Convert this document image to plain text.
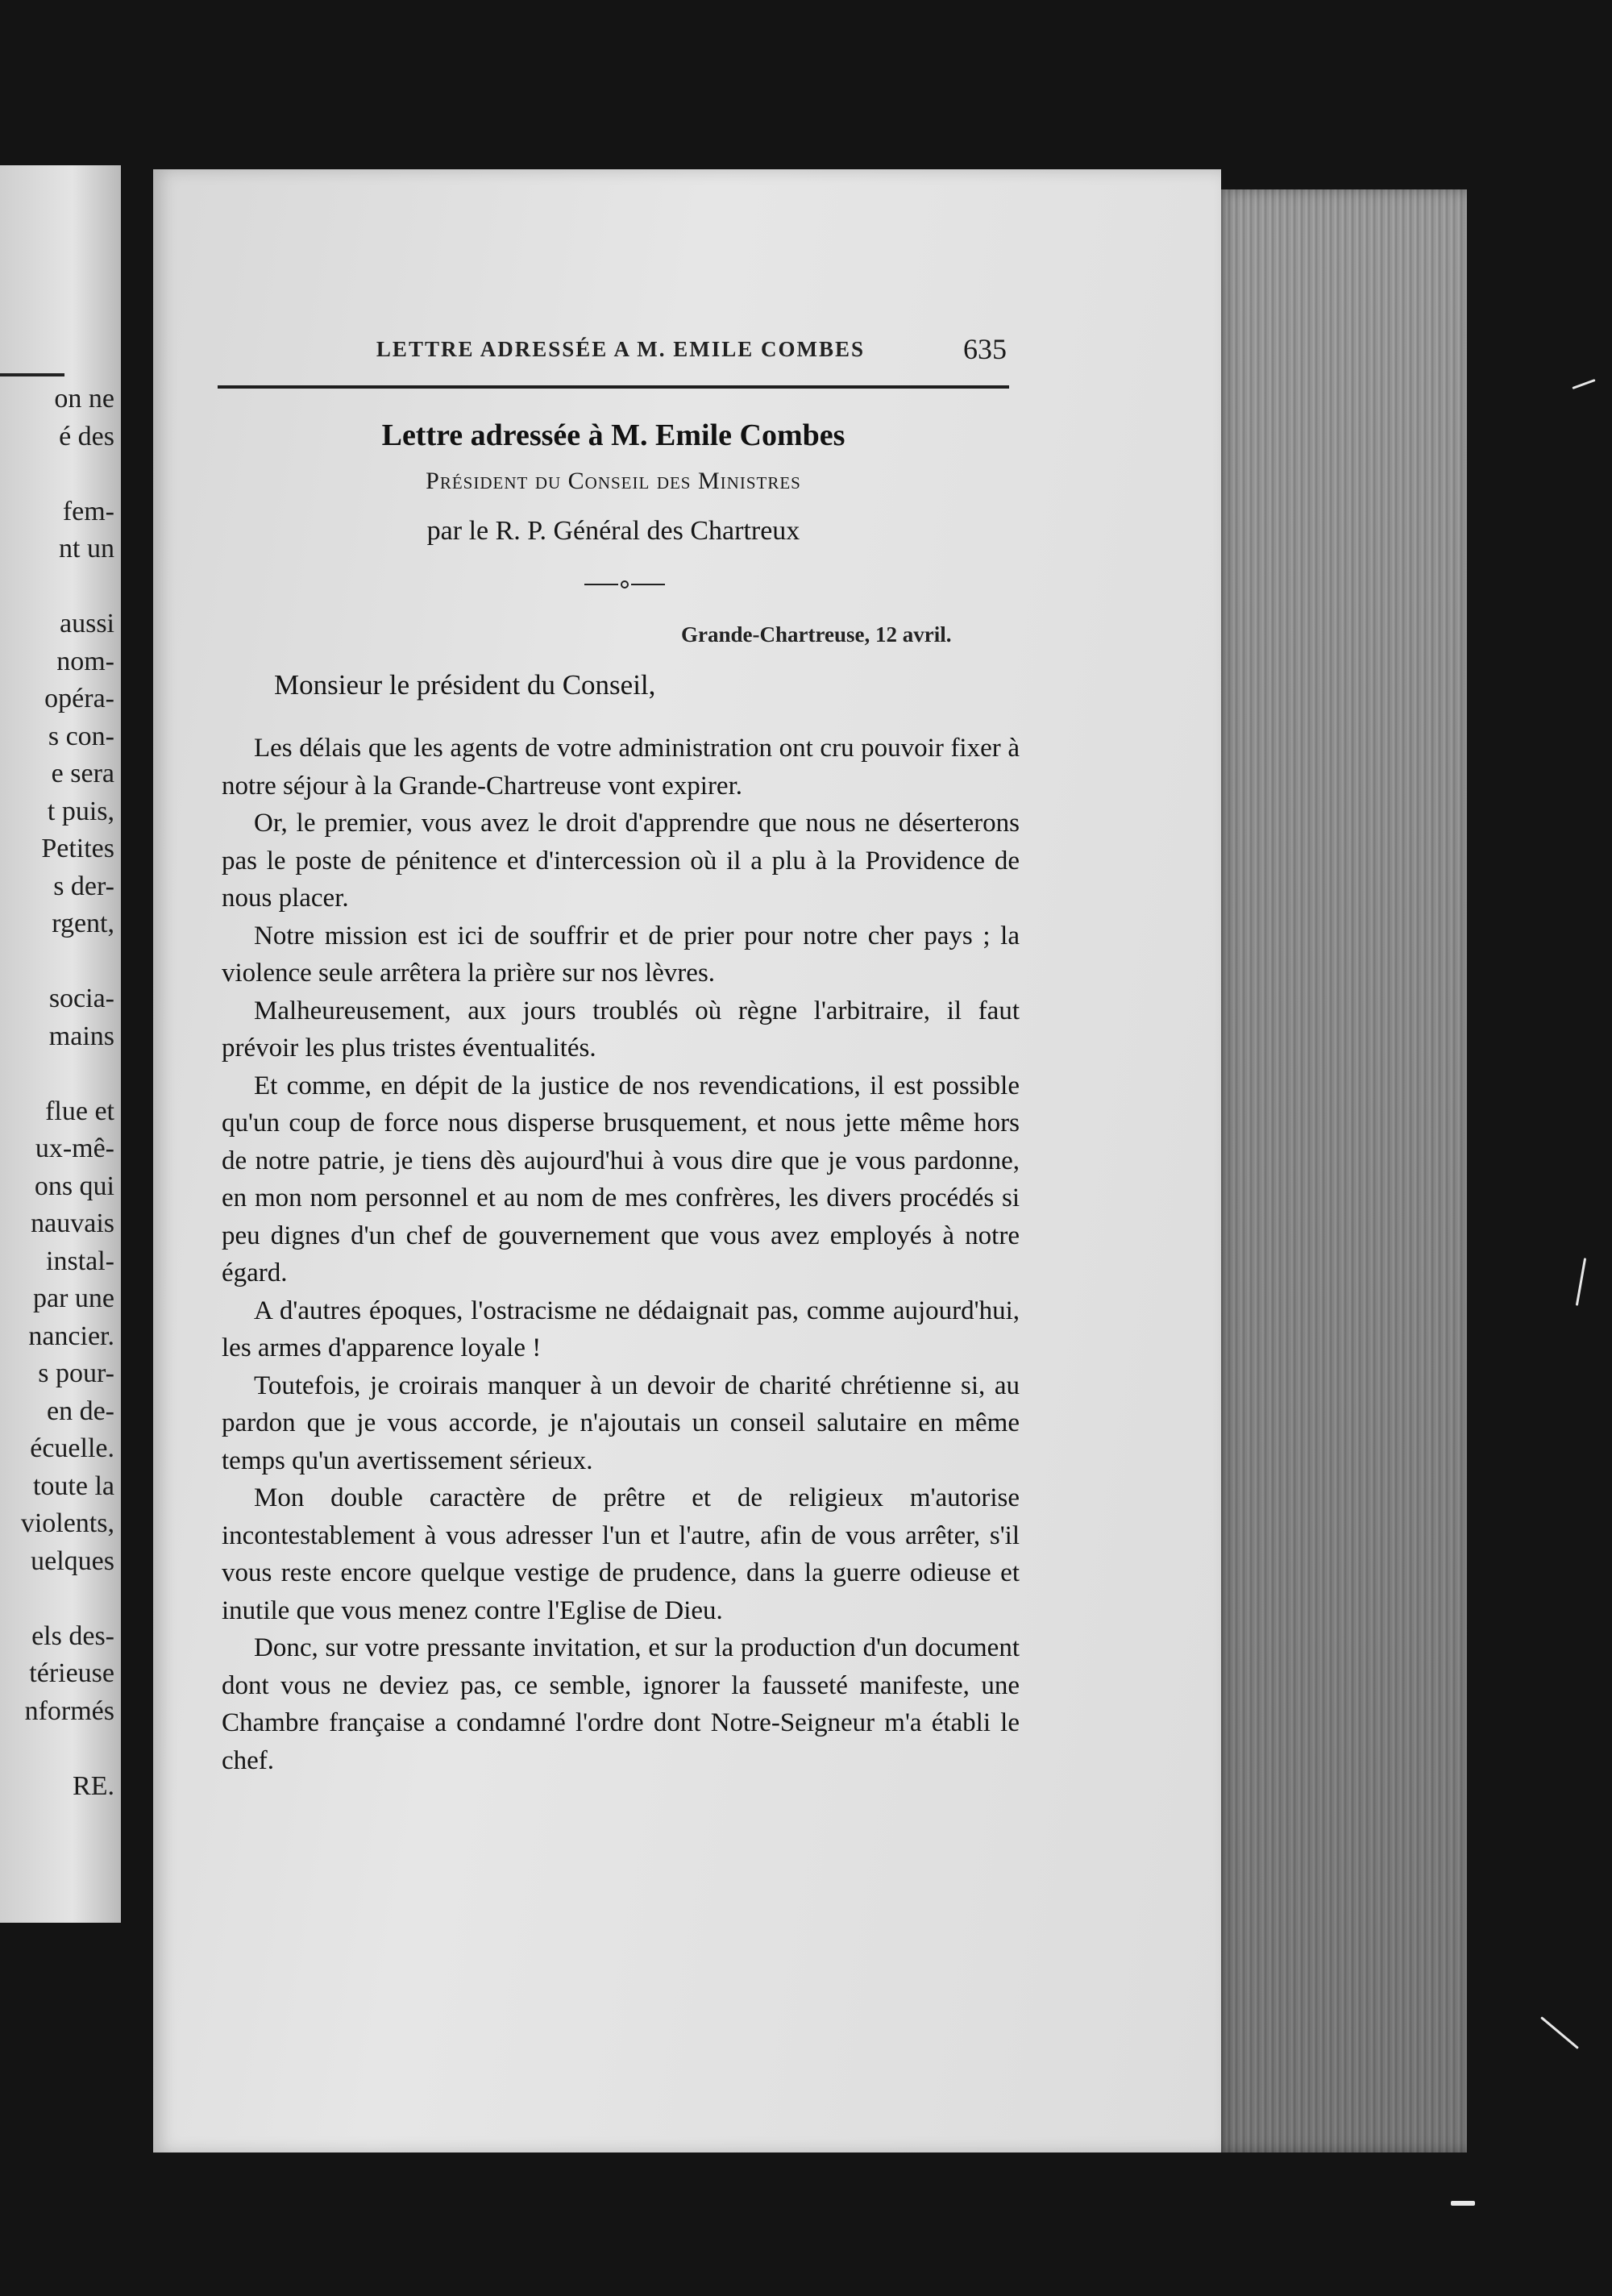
on ne
é des
fem-
nt un
aussi
nom-
opéra-
s con-
e sera
t puis,
Petites
s der-
rgent,
socia-
mains
flue et
ux-mê-
ons qui
nauvais
instal-
par une
nancier.
s pour-
en de-
écuelle.
toute la
violents,
uelques
els des-
térieuse
nformés
RE.
LETTRE ADRESSÉE A M. EMILE COMBES	635
Lettre adressée à M. Emile Combes
Président du Conseil des Ministres
par le R. P. Général des Chartreux
Grande-Chartreuse, 12 avril.
Monsieur le président du Conseil,

Les délais que les agents de votre administration ont cru pouvoir fixer à notre séjour à la Grande-Chartreuse vont expirer.

Or, le premier, vous avez le droit d'apprendre que nous ne déserterons pas le poste de pénitence et d'intercession où il a plu à la Providence de nous placer.

Notre mission est ici de souffrir et de prier pour notre cher pays ; la violence seule arrêtera la prière sur nos lèvres.

Malheureusement, aux jours troublés où règne l'arbitraire, il faut prévoir les plus tristes éventualités.

Et comme, en dépit de la justice de nos revendications, il est possible qu'un coup de force nous disperse brusquement, et nous jette même hors de notre patrie, je tiens dès aujourd'hui à vous dire que je vous pardonne, en mon nom personnel et au nom de mes confrères, les divers procédés si peu dignes d'un chef de gouvernement que vous avez employés à notre égard.

A d'autres époques, l'ostracisme ne dédaignait pas, comme aujourd'hui, les armes d'apparence loyale !

Toutefois, je croirais manquer à un devoir de charité chrétienne si, au pardon que je vous accorde, je n'ajoutais un conseil salutaire en même temps qu'un avertissement sérieux.

Mon double caractère de prêtre et de religieux m'autorise incontestablement à vous adresser l'un et l'autre, afin de vous arrêter, s'il vous reste encore quelque vestige de prudence, dans la guerre odieuse et inutile que vous menez contre l'Eglise de Dieu.

Donc, sur votre pressante invitation, et sur la production d'un document dont vous ne deviez pas, ce semble, ignorer la fausseté manifeste, une Chambre française a condamné l'ordre dont Notre-Seigneur m'a établi le chef.
